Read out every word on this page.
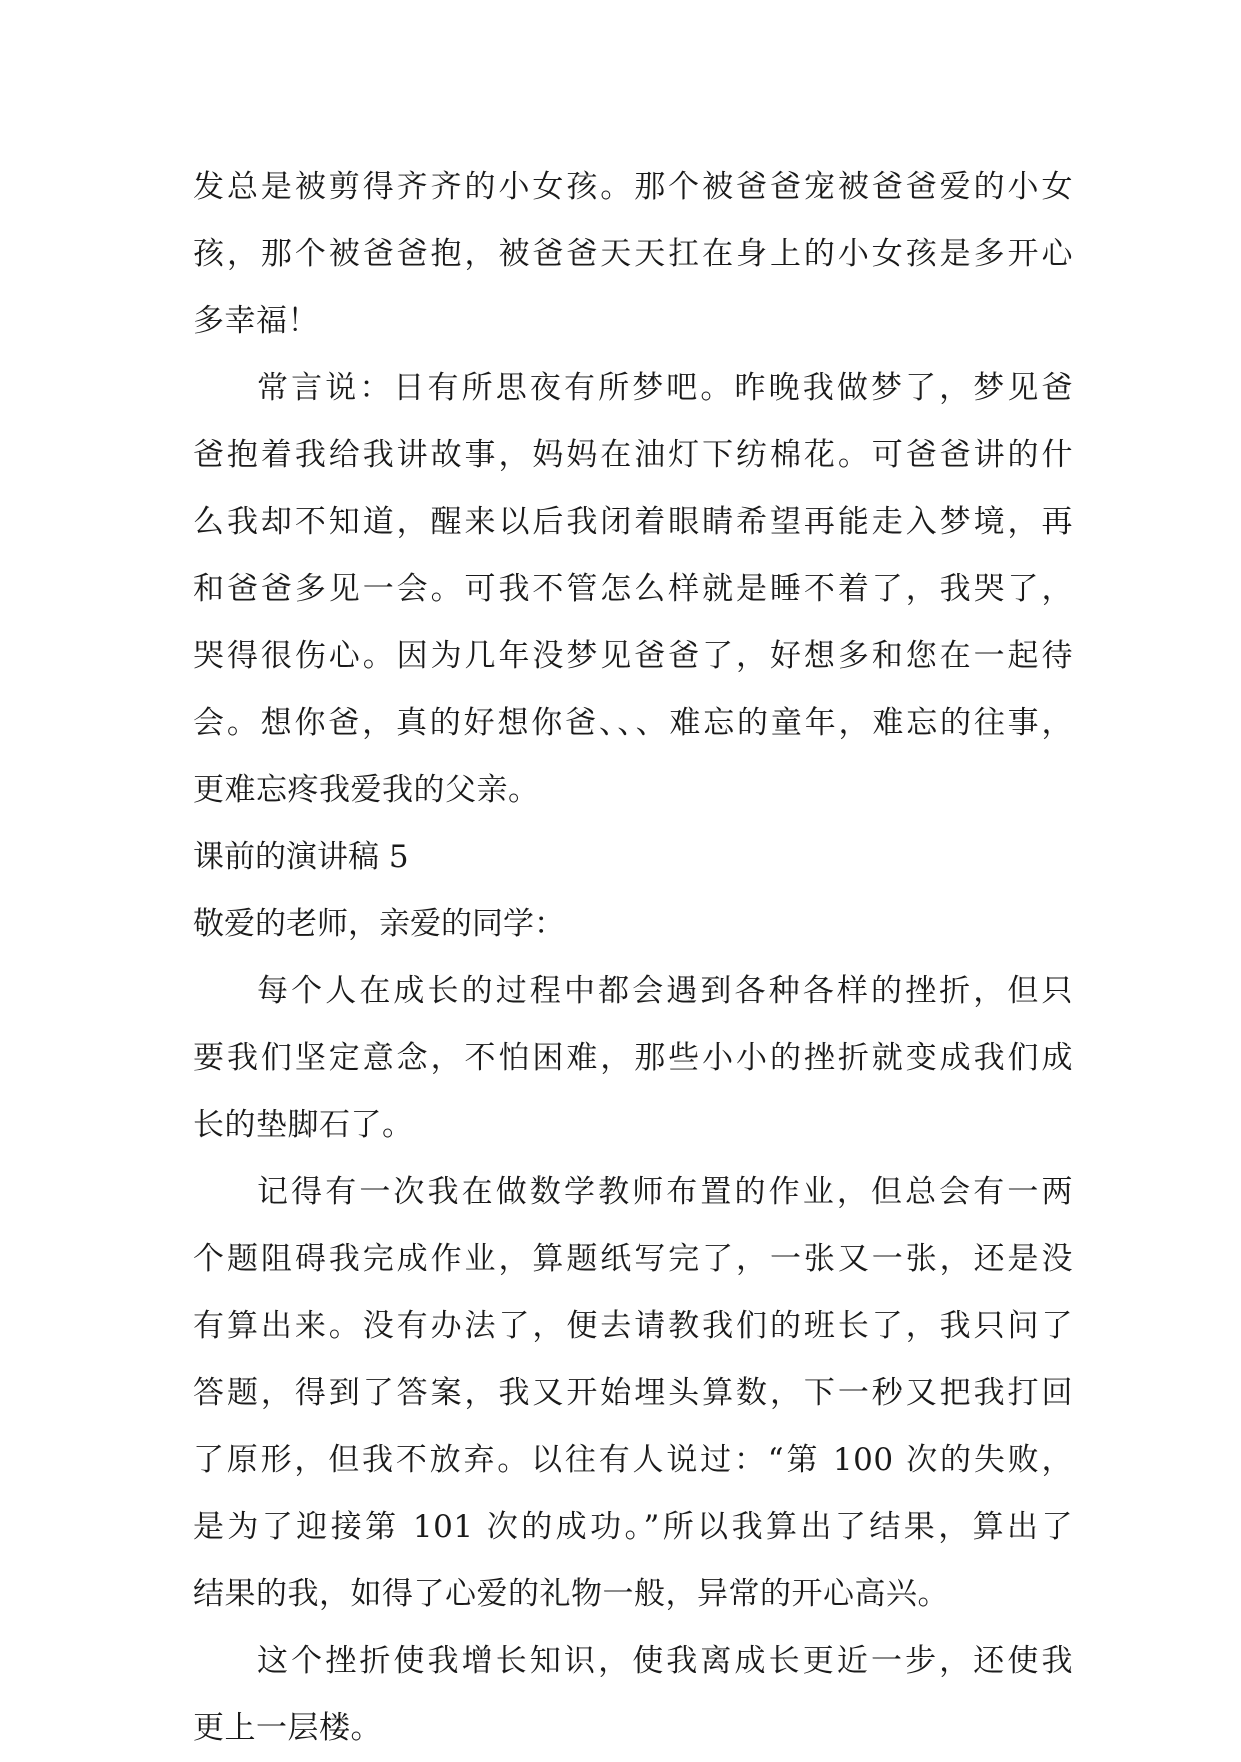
发总是被剪得齐齐的小女孩。那个被爸爸宠被爸爸爱的小女
孩，那个被爸爸抱，被爸爸天天扛在身上的小女孩是多开心
多幸福！
常言说：日有所思夜有所梦吧。昨晚我做梦了，梦见爸
爸抱着我给我讲故事，妈妈在油灯下纺棉花。可爸爸讲的什
么我却不知道，醒来以后我闭着眼睛希望再能走入梦境，再
和爸爸多见一会。可我不管怎么样就是睡不着了，我哭了，
哭得很伤心。因为几年没梦见爸爸了，好想多和您在一起待
会。想你爸，真的好想你爸、、、难忘的童年，难忘的往事，
更难忘疼我爱我的父亲。
课前的演讲稿 5
敬爱的老师，亲爱的同学：
每个人在成长的过程中都会遇到各种各样的挫折，但只
要我们坚定意念，不怕困难，那些小小的挫折就变成我们成
长的垫脚石了。
记得有一次我在做数学教师布置的作业，但总会有一两
个题阻碍我完成作业，算题纸写完了，一张又一张，还是没
有算出来。没有办法了，便去请教我们的班长了，我只问了
答题，得到了答案，我又开始埋头算数，下一秒又把我打回
了原形，但我不放弃。以往有人说过：“第 100 次的失败，
是为了迎接第 101 次的成功。”所以我算出了结果，算出了
结果的我，如得了心爱的礼物一般，异常的开心高兴。
这个挫折使我增长知识，使我离成长更近一步，还使我
更上一层楼。
